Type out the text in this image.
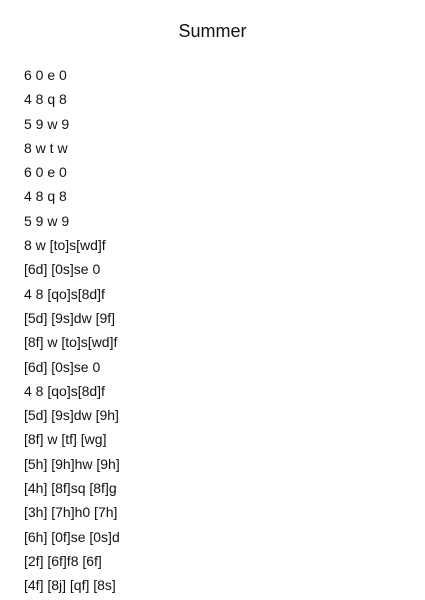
Summer
6 0 e 0
4 8 q 8
5 9 w 9
8 w t w
6 0 e 0
4 8 q 8
5 9 w 9
8 w [to]s[wd]f
[6d] [0s]se 0
4 8 [qo]s[8d]f
[5d] [9s]dw [9f]
[8f] w [to]s[wd]f
[6d] [0s]se 0
4 8 [qo]s[8d]f
[5d] [9s]dw [9h]
[8f] w [tf] [wg]
[5h] [9h]hw [9h]
[4h] [8f]sq [8f]g
[3h] [7h]h0 [7h]
[6h] [0f]se [0s]d
[2f] [6f]f8 [6f]
[4f] [8j] [qf] [8s]
